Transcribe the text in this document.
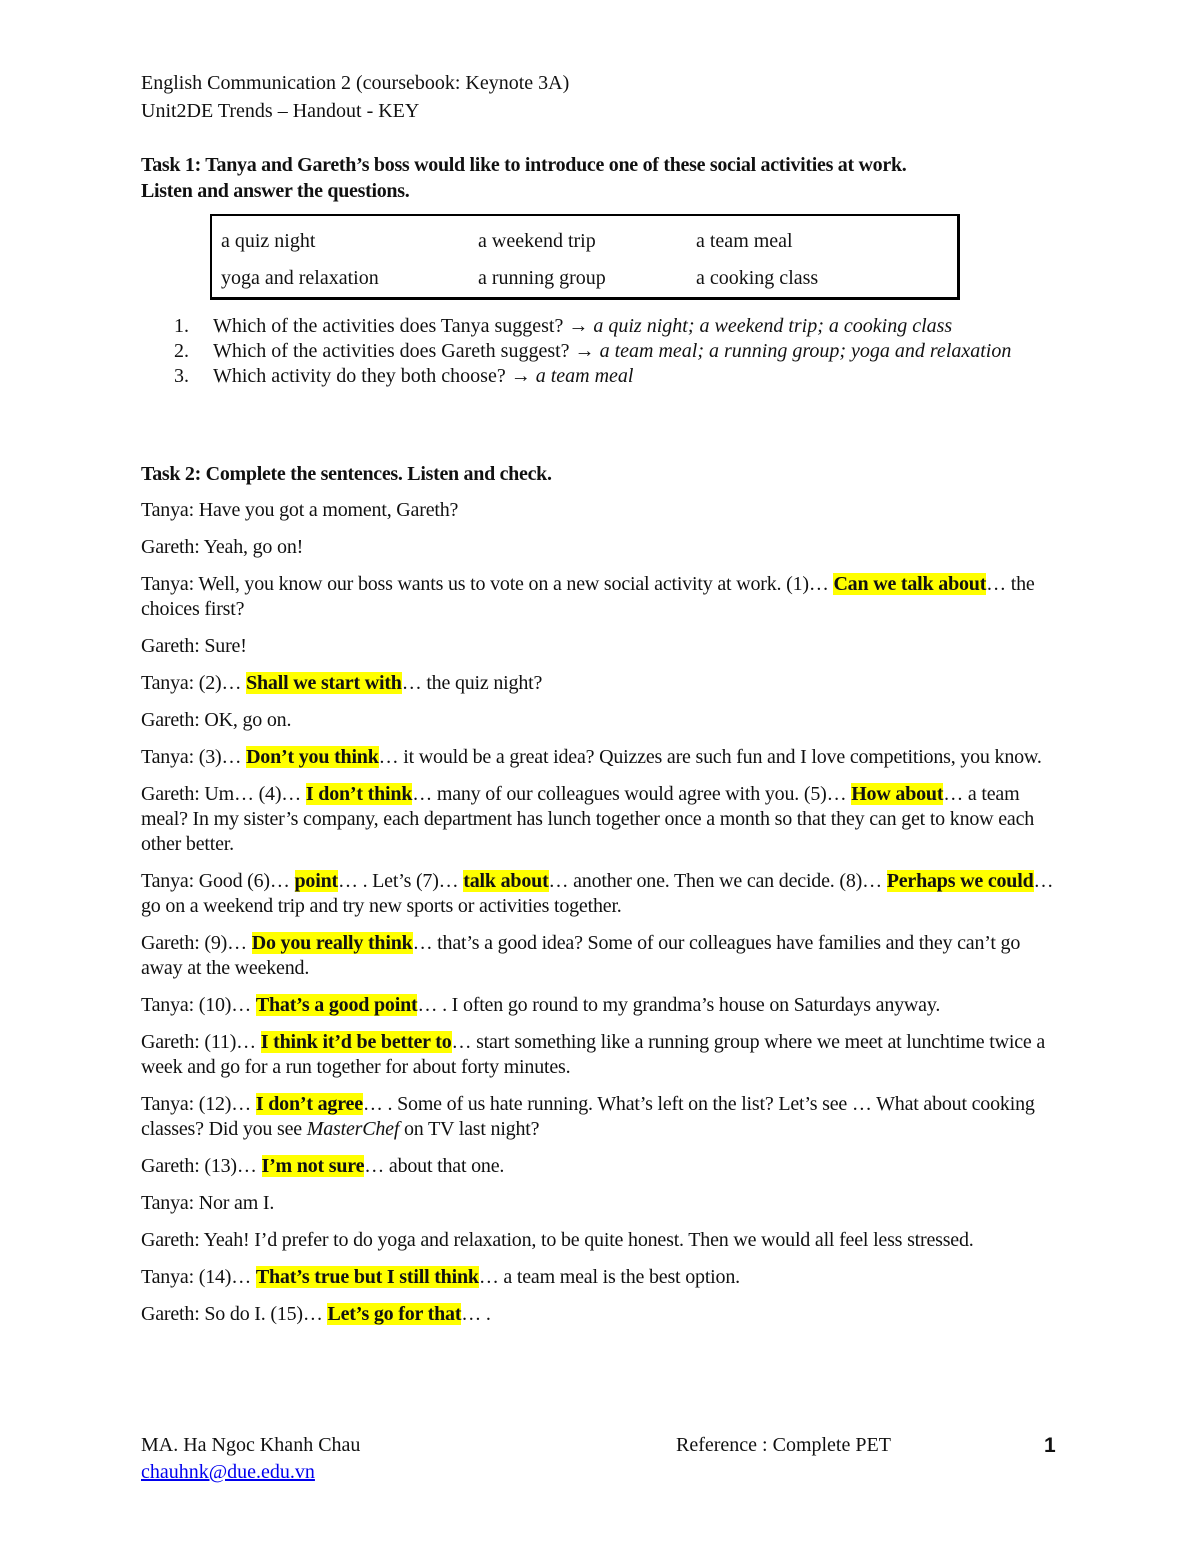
English Communication 2 (coursebook: Keynote 3A)
Unit2DE Trends – Handout - KEY
Task 1: Tanya and Gareth’s boss would like to introduce one of these social activities at work.
Listen and answer the questions.
a quiz night	a weekend trip	a team meal
yoga and relaxation	a running group	a cooking class
1. Which of the activities does Tanya suggest? → a quiz night; a weekend trip; a cooking class
2. Which of the activities does Gareth suggest? → a team meal; a running group; yoga and relaxation
3. Which activity do they both choose? → a team meal
Task 2: Complete the sentences. Listen and check.

Tanya: Have you got a moment, Gareth?

Gareth: Yeah, go on!

Tanya: Well, you know our boss wants us to vote on a new social activity at work. (1)… Can we talk about… the choices first?

Gareth: Sure!

Tanya: (2)… Shall we start with… the quiz night?

Gareth: OK, go on.

Tanya: (3)… Don’t you think… it would be a great idea? Quizzes are such fun and I love competitions, you know.

Gareth: Um… (4)… I don’t think… many of our colleagues would agree with you. (5)… How about… a team meal? In my sister’s company, each department has lunch together once a month so that they can get to know each other better.

Tanya: Good (6)… point… . Let’s (7)… talk about… another one. Then we can decide. (8)… Perhaps we could… go on a weekend trip and try new sports or activities together.

Gareth: (9)… Do you really think… that’s a good idea? Some of our colleagues have families and they can’t go away at the weekend.

Tanya: (10)… That’s a good point… . I often go round to my grandma’s house on Saturdays anyway.

Gareth: (11)… I think it’d be better to… start something like a running group where we meet at lunchtime twice a week and go for a run together for about forty minutes.

Tanya: (12)… I don’t agree… . Some of us hate running. What’s left on the list? Let’s see … What about cooking classes? Did you see MasterChef on TV last night?

Gareth: (13)… I’m not sure… about that one.

Tanya: Nor am I.

Gareth: Yeah! I’d prefer to do yoga and relaxation, to be quite honest. Then we would all feel less stressed.

Tanya: (14)… That’s true but I still think… a team meal is the best option.

Gareth: So do I. (15)… Let’s go for that… .

MA. Ha Ngoc Khanh Chau
chauhnk@due.edu.vn
Reference : Complete PET	1
